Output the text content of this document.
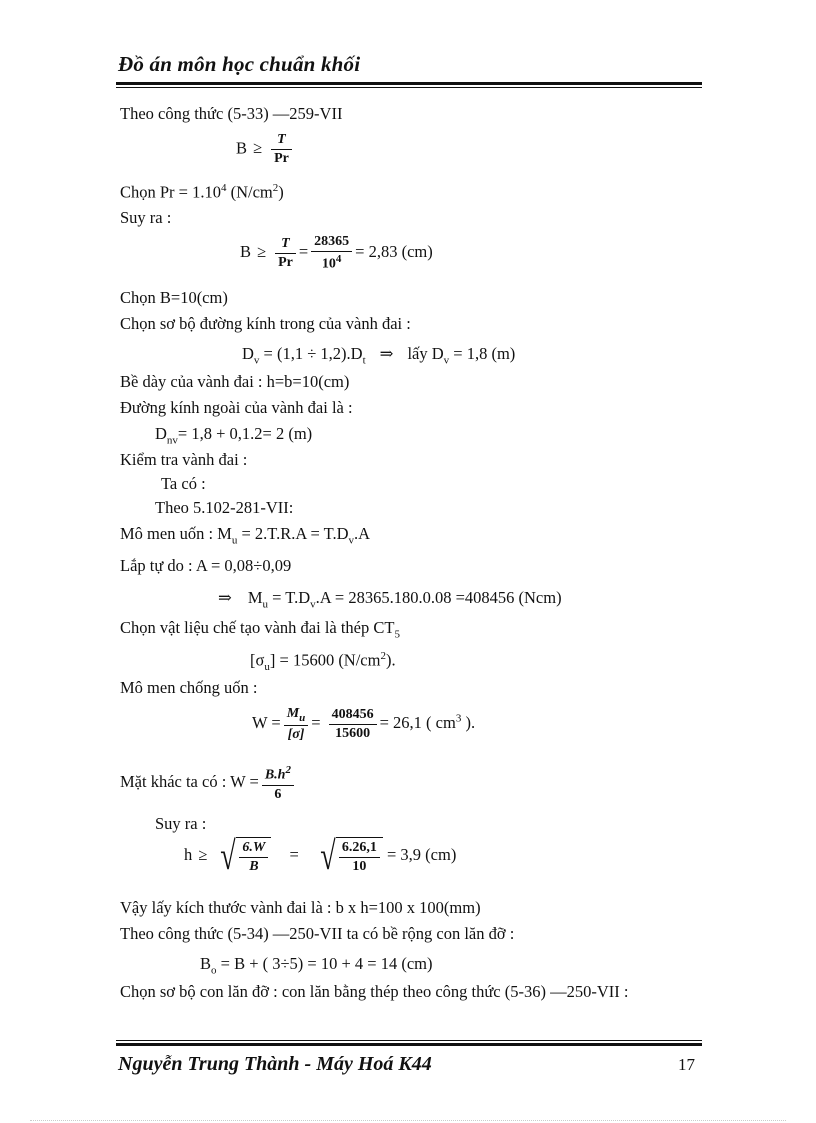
Đồ án môn học chuẩn khối
Theo công thức (5-33) —259-VII
$B \ge \frac{T}{Pr}$
Chọn $Pr = 1.10^4$ $(N/cm^2)$
Suy ra :
$B \ge \frac{T}{Pr} = \frac{28365}{10^4} = 2,83$ (cm)
Chọn B=10(cm)
Chọn sơ bộ đường kính trong của vành đai :
$D_v = (1,1 \div 1,2).D_t$ ⇒ lấy $D_v = 1,8$ (m)
Bề dày của vành đai : h=b=10(cm)
Đường kính ngoài của vành đai là :
$D_{nv}= 1,8 + 0,1.2= 2$ (m)
Kiểm tra vành đai :
Ta có :
Theo 5.102-281-VII:
Mô men uốn : $M_u = 2.T.R.A = T.D_v.A$
Lắp tự do : A = 0,08÷0,09
⇒ $M_u = T.D_v.A = 28365.180.0.08 =408456$ (Ncm)
Chọn vật liệu chế tạo vành đai là thép $CT_5$
$[\sigma_u] = 15600$ $(N/cm^2)$.
Mô men chống uốn :
$W = \frac{M_u}{[\sigma]} = \frac{408456}{15600} = 26,1$ ( $cm^3$ ).
Mặt khác ta có : $W = \frac{B.h^2}{6}$
Suy ra :
h ≥ √ $\frac{6.W}{B}$ = √ $\frac{6.26,1}{10} = 3,9$ (cm)
Vậy lấy kích thước vành đai là : b x h=100 x 100(mm)
Theo công thức (5-34) —250-VII ta có bề rộng con lăn đỡ :
$B_o = B$ + ( 3÷5) = 10 + 4 = 14 (cm)
Chọn sơ bộ con lăn đỡ : con lăn bằng thép theo công thức (5-36) —250-VII :
Nguyễn Trung Thành - Máy Hoá K44	17
